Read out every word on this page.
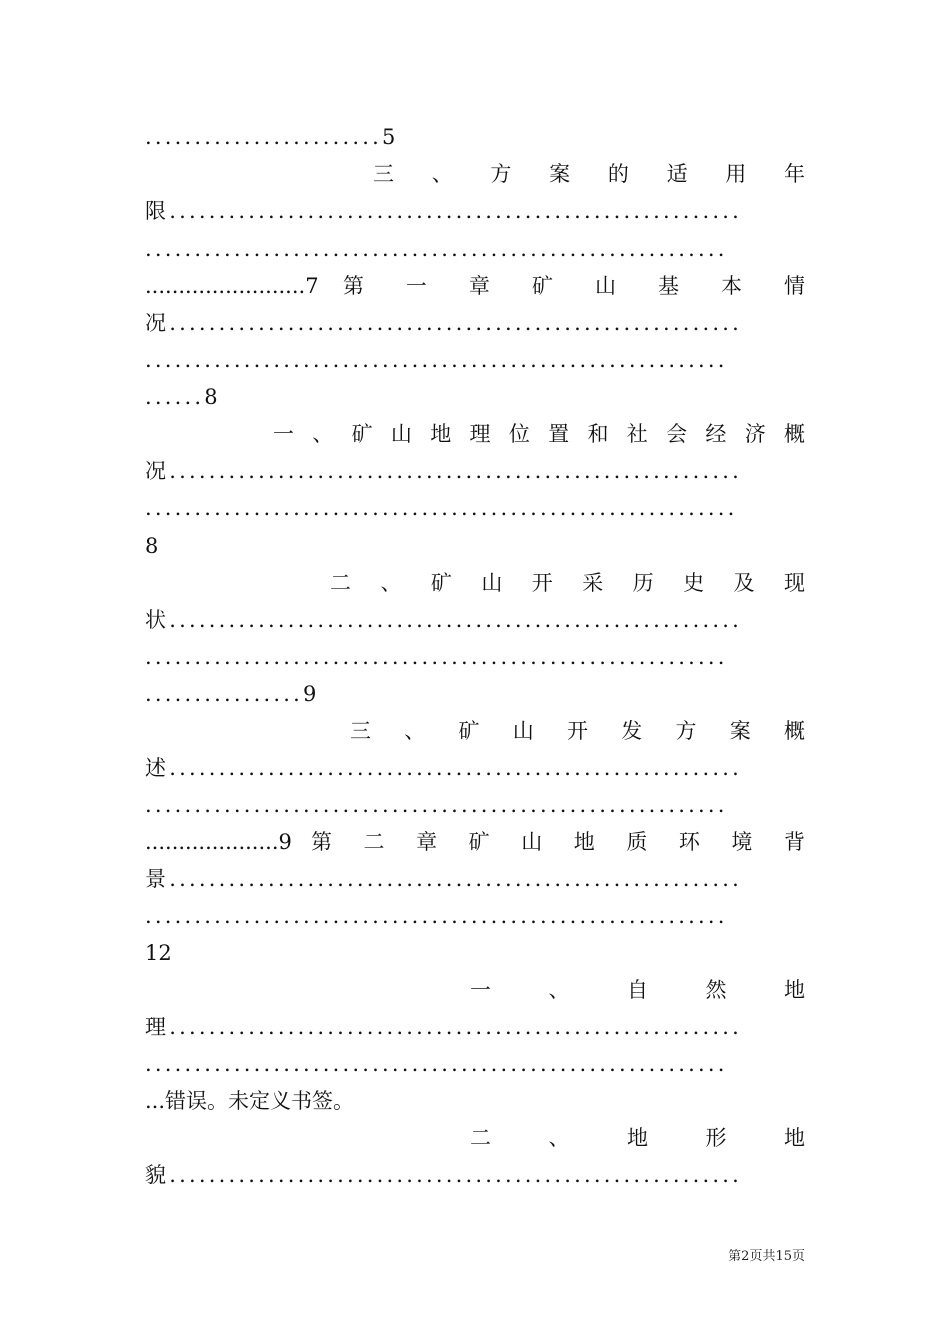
........................5
三 、 方 案 的 适 用 年
限..........................................................
...........................................................
........................7 第 一 章 矿 山 基 本 情
况..........................................................
...........................................................
......8
一 、 矿 山 地 理 位 置 和 社 会 经 济 概
况..........................................................
............................................................
8
二 、 矿 山 开 采 历 史 及 现
状..........................................................
...........................................................
................9
三 、 矿 山 开 发 方 案 概
述..........................................................
...........................................................
....................9 第 二 章 矿 山 地 质 环 境 背
景..........................................................
...........................................................
12
一 、 自 然 地
理..........................................................
...........................................................
...错误。未定义书签。
二 、 地 形 地
貌..........................................................
第2页共15页
